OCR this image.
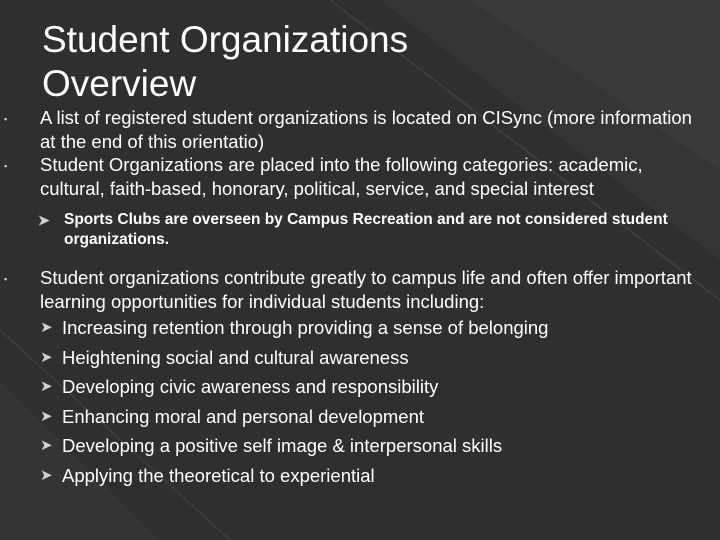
Student Organizations
Overview

▪ A list of registered student organizations is located on CISync (more information at the end of this orientatio)

▪ Student Organizations are placed into the following categories: academic, cultural, faith-based, honorary, political, service, and special interest

➤ Sports Clubs are overseen by Campus Recreation and are not considered student organizations.

▪ Student organizations contribute greatly to campus life and often offer important learning opportunities for individual students including:

➤ Increasing retention through providing a sense of belonging
➤ Heightening social and cultural awareness
➤ Developing civic awareness and responsibility
➤ Enhancing moral and personal development
➤ Developing a positive self image & interpersonal skills
➤ Applying the theoretical to experiential
